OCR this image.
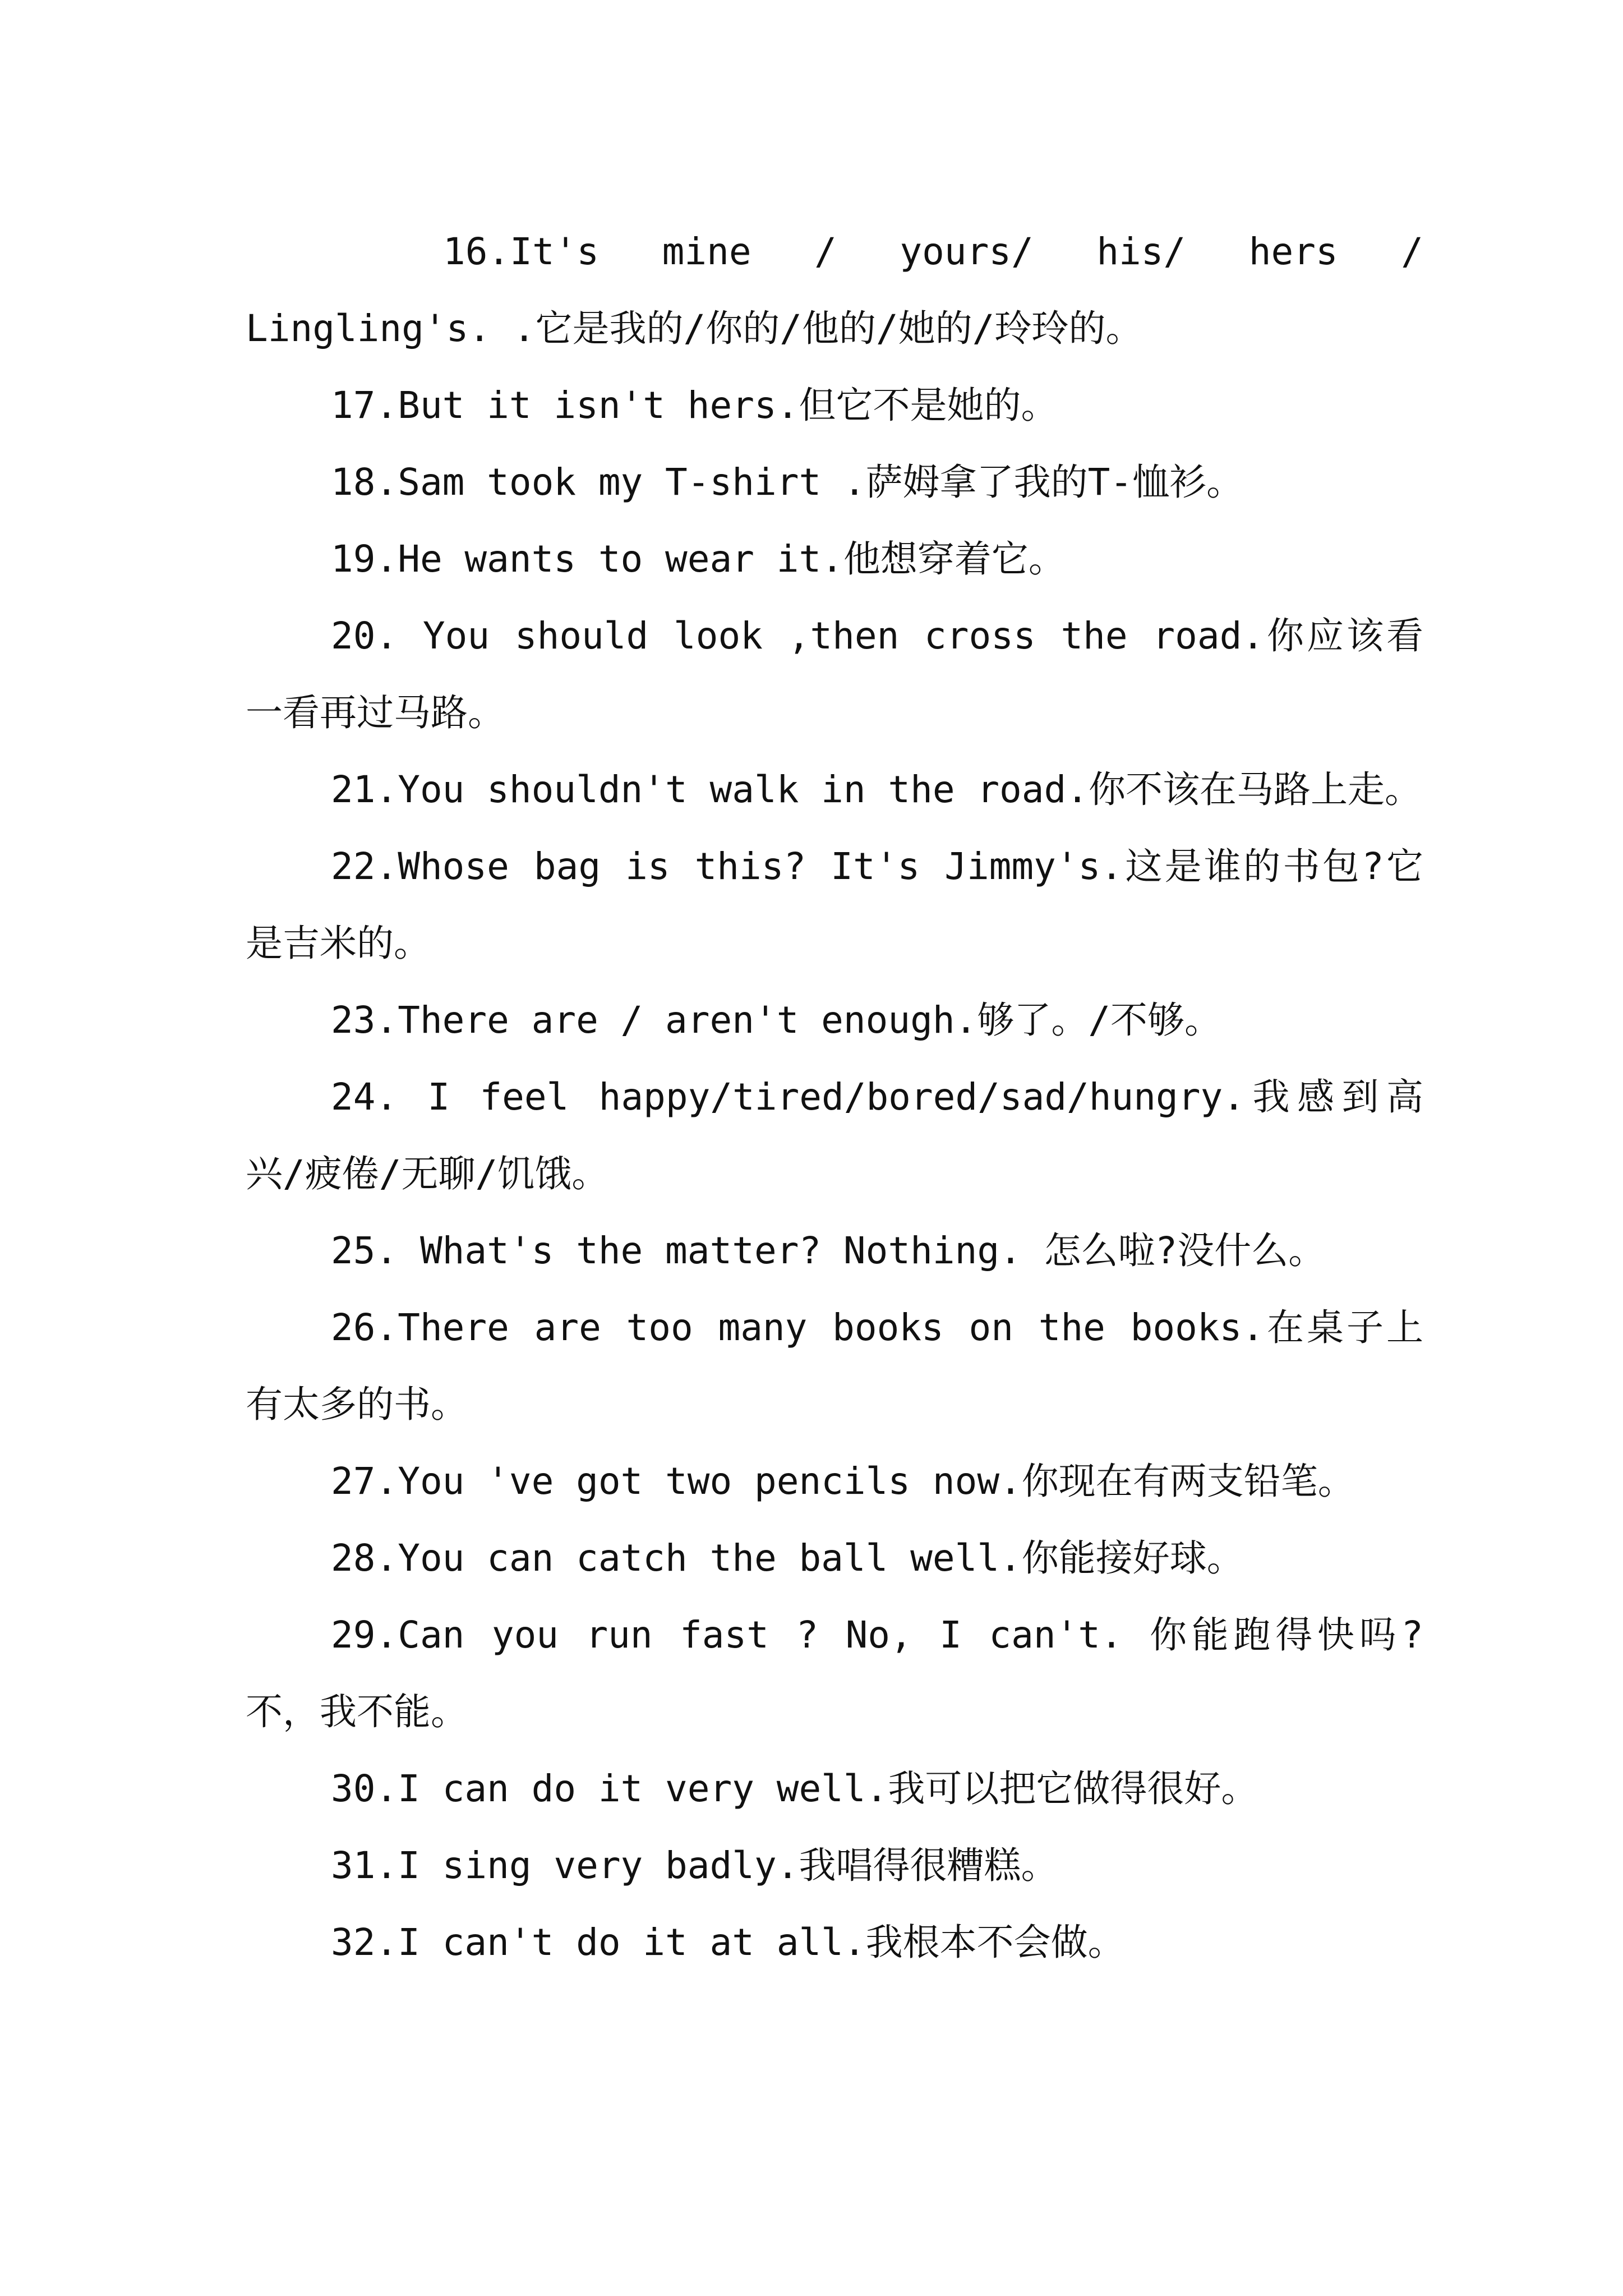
16.It's mine / yours/ his/ hers / Lingling's. .它是我的/你的/他的/她的/玲玲的。

17.But it isn't hers.但它不是她的。

18.Sam took my T-shirt .萨姆拿了我的T-恤衫。

19.He wants to wear it.他想穿着它。

20. You should look ,then cross the road.你应该看一看再过马路。

21.You shouldn't walk in the road.你不该在马路上走。

22.Whose bag is this? It's Jimmy's.这是谁的书包?它是吉米的。

23.There are / aren't enough.够了。/不够。

24. I feel happy/tired/bored/sad/hungry.我感到高兴/疲倦/无聊/饥饿。

25. What's the matter? Nothing. 怎么啦?没什么。

26.There are too many books on the books.在桌子上有太多的书。

27.You 've got two pencils now.你现在有两支铅笔。

28.You can catch the ball well.你能接好球。

29.Can you run fast ? No, I can't. 你能跑得快吗?不，我不能。

30.I can do it very well.我可以把它做得很好。

31.I sing very badly.我唱得很糟糕。

32.I can't do it at all.我根本不会做。
